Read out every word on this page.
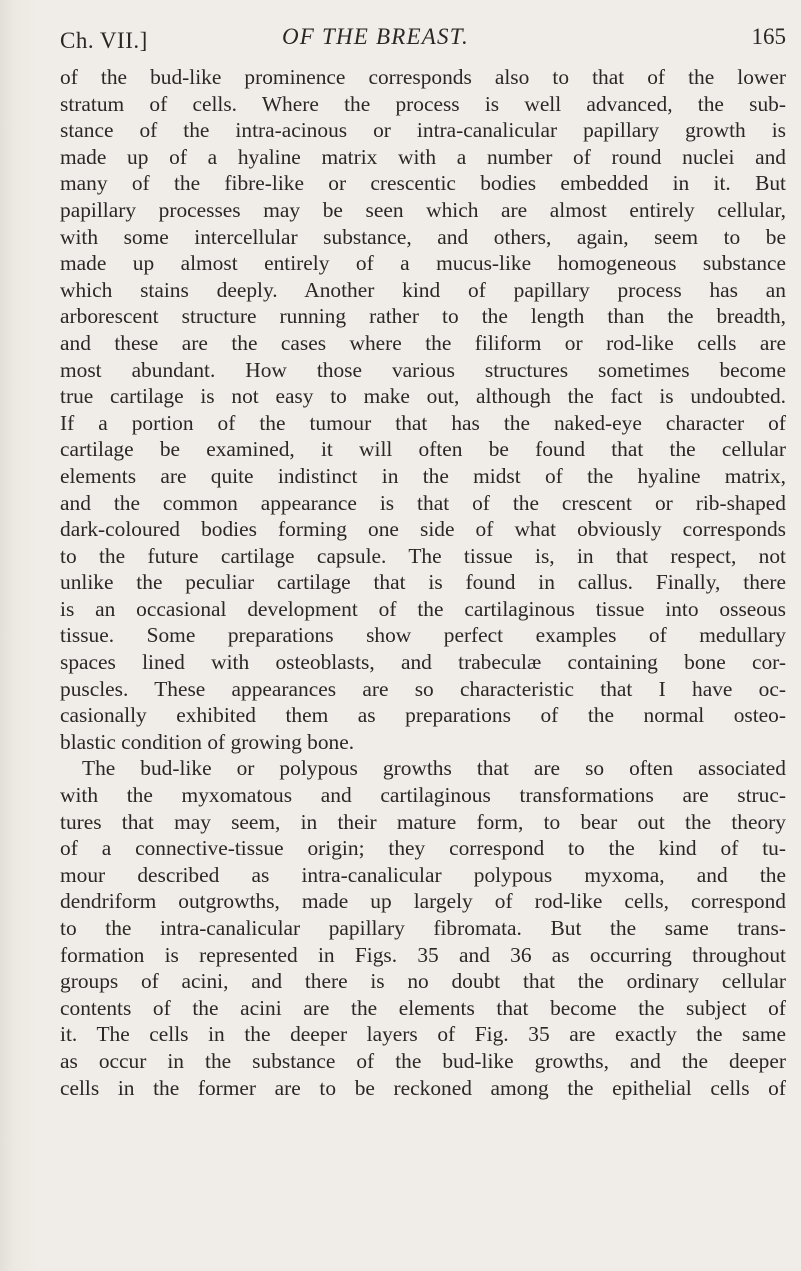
Ch. VII.]	OF THE BREAST.	165
of the bud-like prominence corresponds also to that of the lower
stratum of cells. Where the process is well advanced, the sub-
stance of the intra-acinous or intra-canalicular papillary growth is
made up of a hyaline matrix with a number of round nuclei and
many of the fibre-like or crescentic bodies embedded in it. But
papillary processes may be seen which are almost entirely cellular,
with some intercellular substance, and others, again, seem to be
made up almost entirely of a mucus-like homogeneous substance
which stains deeply. Another kind of papillary process has an
arborescent structure running rather to the length than the breadth,
and these are the cases where the filiform or rod-like cells are
most abundant. How those various structures sometimes become
true cartilage is not easy to make out, although the fact is undoubted.
If a portion of the tumour that has the naked-eye character of
cartilage be examined, it will often be found that the cellular
elements are quite indistinct in the midst of the hyaline matrix,
and the common appearance is that of the crescent or rib-shaped
dark-coloured bodies forming one side of what obviously corresponds
to the future cartilage capsule. The tissue is, in that respect, not
unlike the peculiar cartilage that is found in callus. Finally, there
is an occasional development of the cartilaginous tissue into osseous
tissue. Some preparations show perfect examples of medullary
spaces lined with osteoblasts, and trabeculæ containing bone cor-
puscles. These appearances are so characteristic that I have oc-
casionally exhibited them as preparations of the normal osteo-
blastic condition of growing bone.
The bud-like or polypous growths that are so often associated
with the myxomatous and cartilaginous transformations are struc-
tures that may seem, in their mature form, to bear out the theory
of a connective-tissue origin; they correspond to the kind of tu-
mour described as intra-canalicular polypous myxoma, and the
dendriform outgrowths, made up largely of rod-like cells, correspond
to the intra-canalicular papillary fibromata. But the same trans-
formation is represented in Figs. 35 and 36 as occurring throughout
groups of acini, and there is no doubt that the ordinary cellular
contents of the acini are the elements that become the subject of
it. The cells in the deeper layers of Fig. 35 are exactly the same
as occur in the substance of the bud-like growths, and the deeper
cells in the former are to be reckoned among the epithelial cells of
